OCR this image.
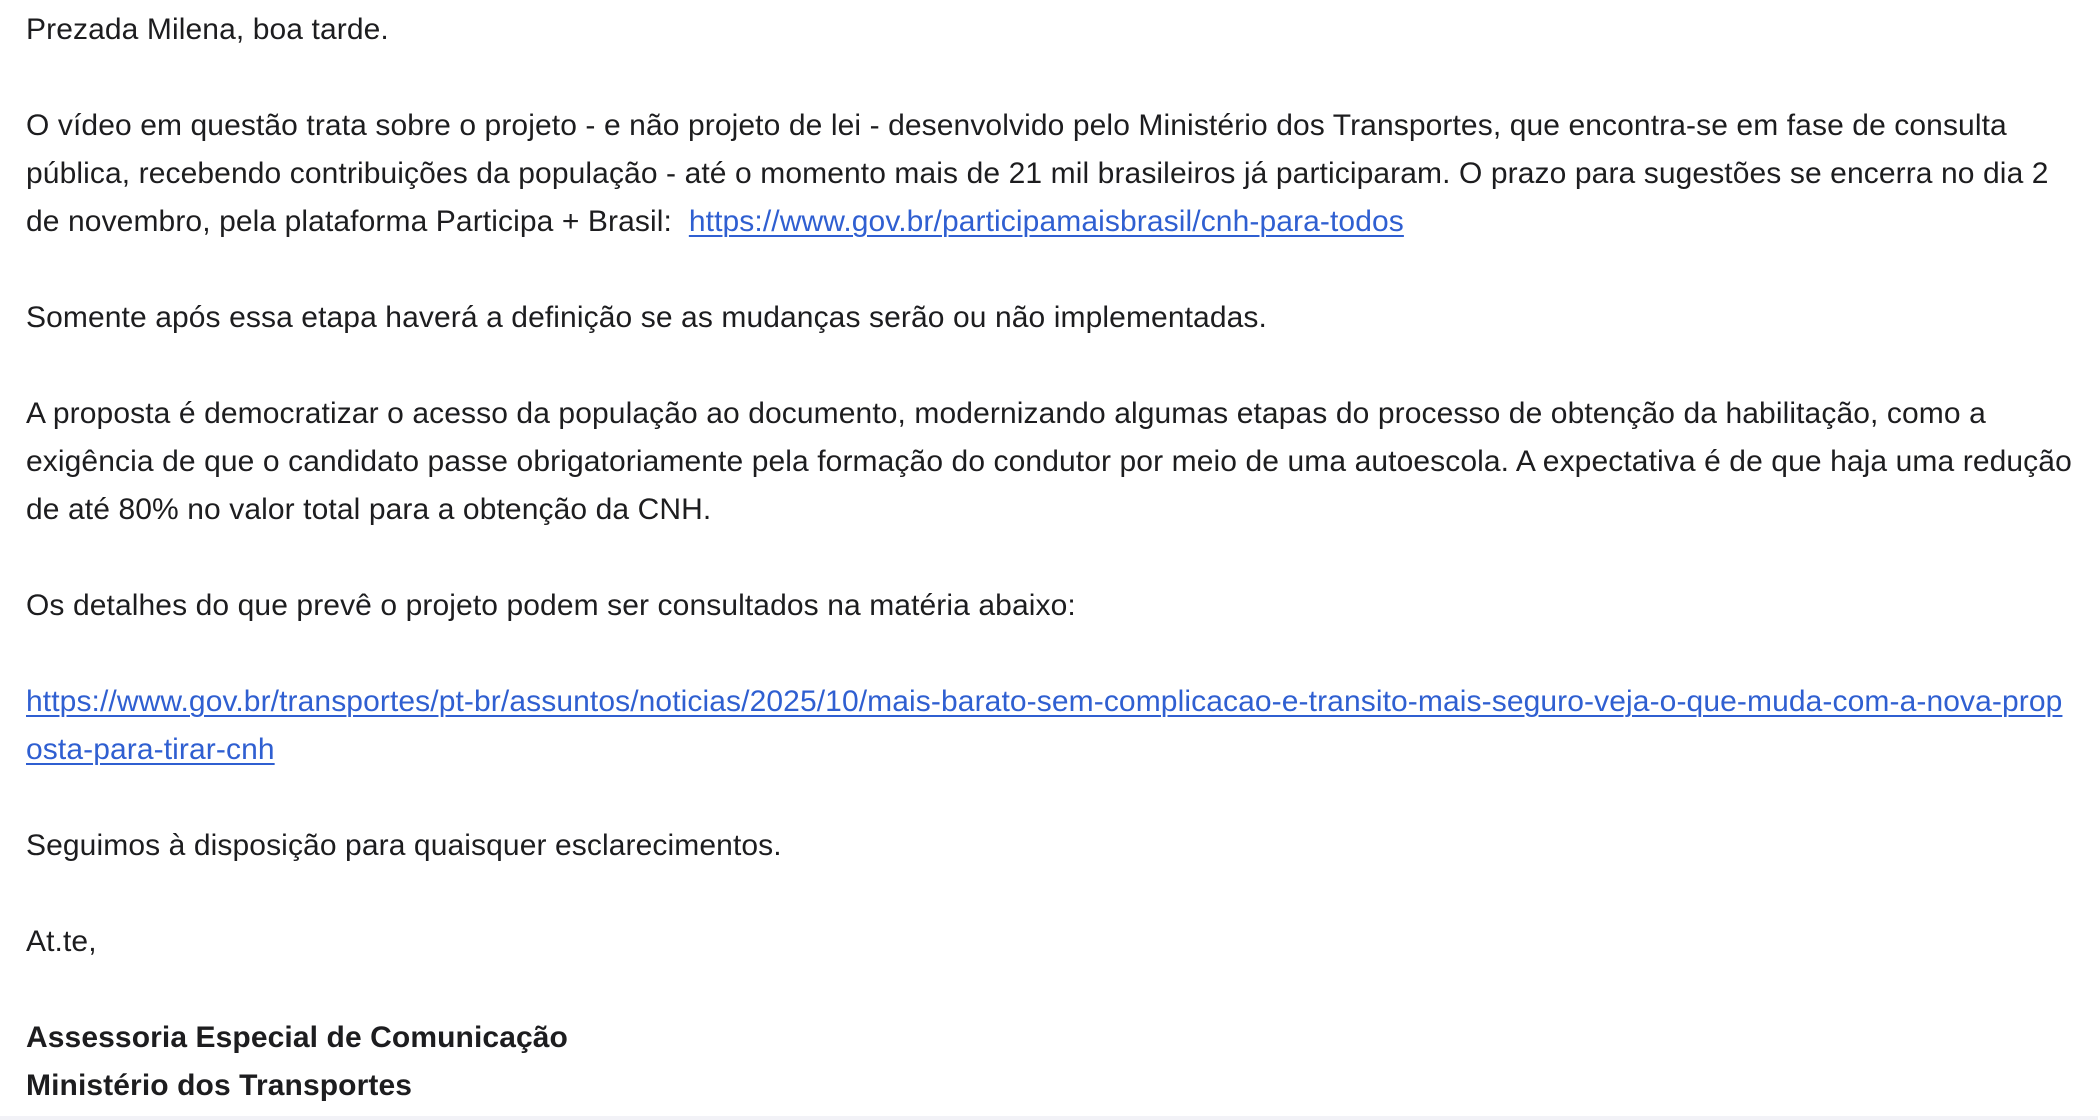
Prezada Milena, boa tarde.

O vídeo em questão trata sobre o projeto - e não projeto de lei - desenvolvido pelo Ministério dos Transportes, que encontra-se em fase de consulta pública, recebendo contribuições da população - até o momento mais de 21 mil brasileiros já participaram. O prazo para sugestões se encerra no dia 2 de novembro, pela plataforma Participa + Brasil:  https://www.gov.br/participamaisbrasil/cnh-para-todos

Somente após essa etapa haverá a definição se as mudanças serão ou não implementadas.

A proposta é democratizar o acesso da população ao documento, modernizando algumas etapas do processo de obtenção da habilitação, como a exigência de que o candidato passe obrigatoriamente pela formação do condutor por meio de uma autoescola. A expectativa é de que haja uma redução de até 80% no valor total para a obtenção da CNH.

Os detalhes do que prevê o projeto podem ser consultados na matéria abaixo:

https://www.gov.br/transportes/pt-br/assuntos/noticias/2025/10/mais-barato-sem-complicacao-e-transito-mais-seguro-veja-o-que-muda-com-a-nova-proposta-para-tirar-cnh

Seguimos à disposição para quaisquer esclarecimentos.

At.te,

Assessoria Especial de Comunicação

Ministério dos Transportes
